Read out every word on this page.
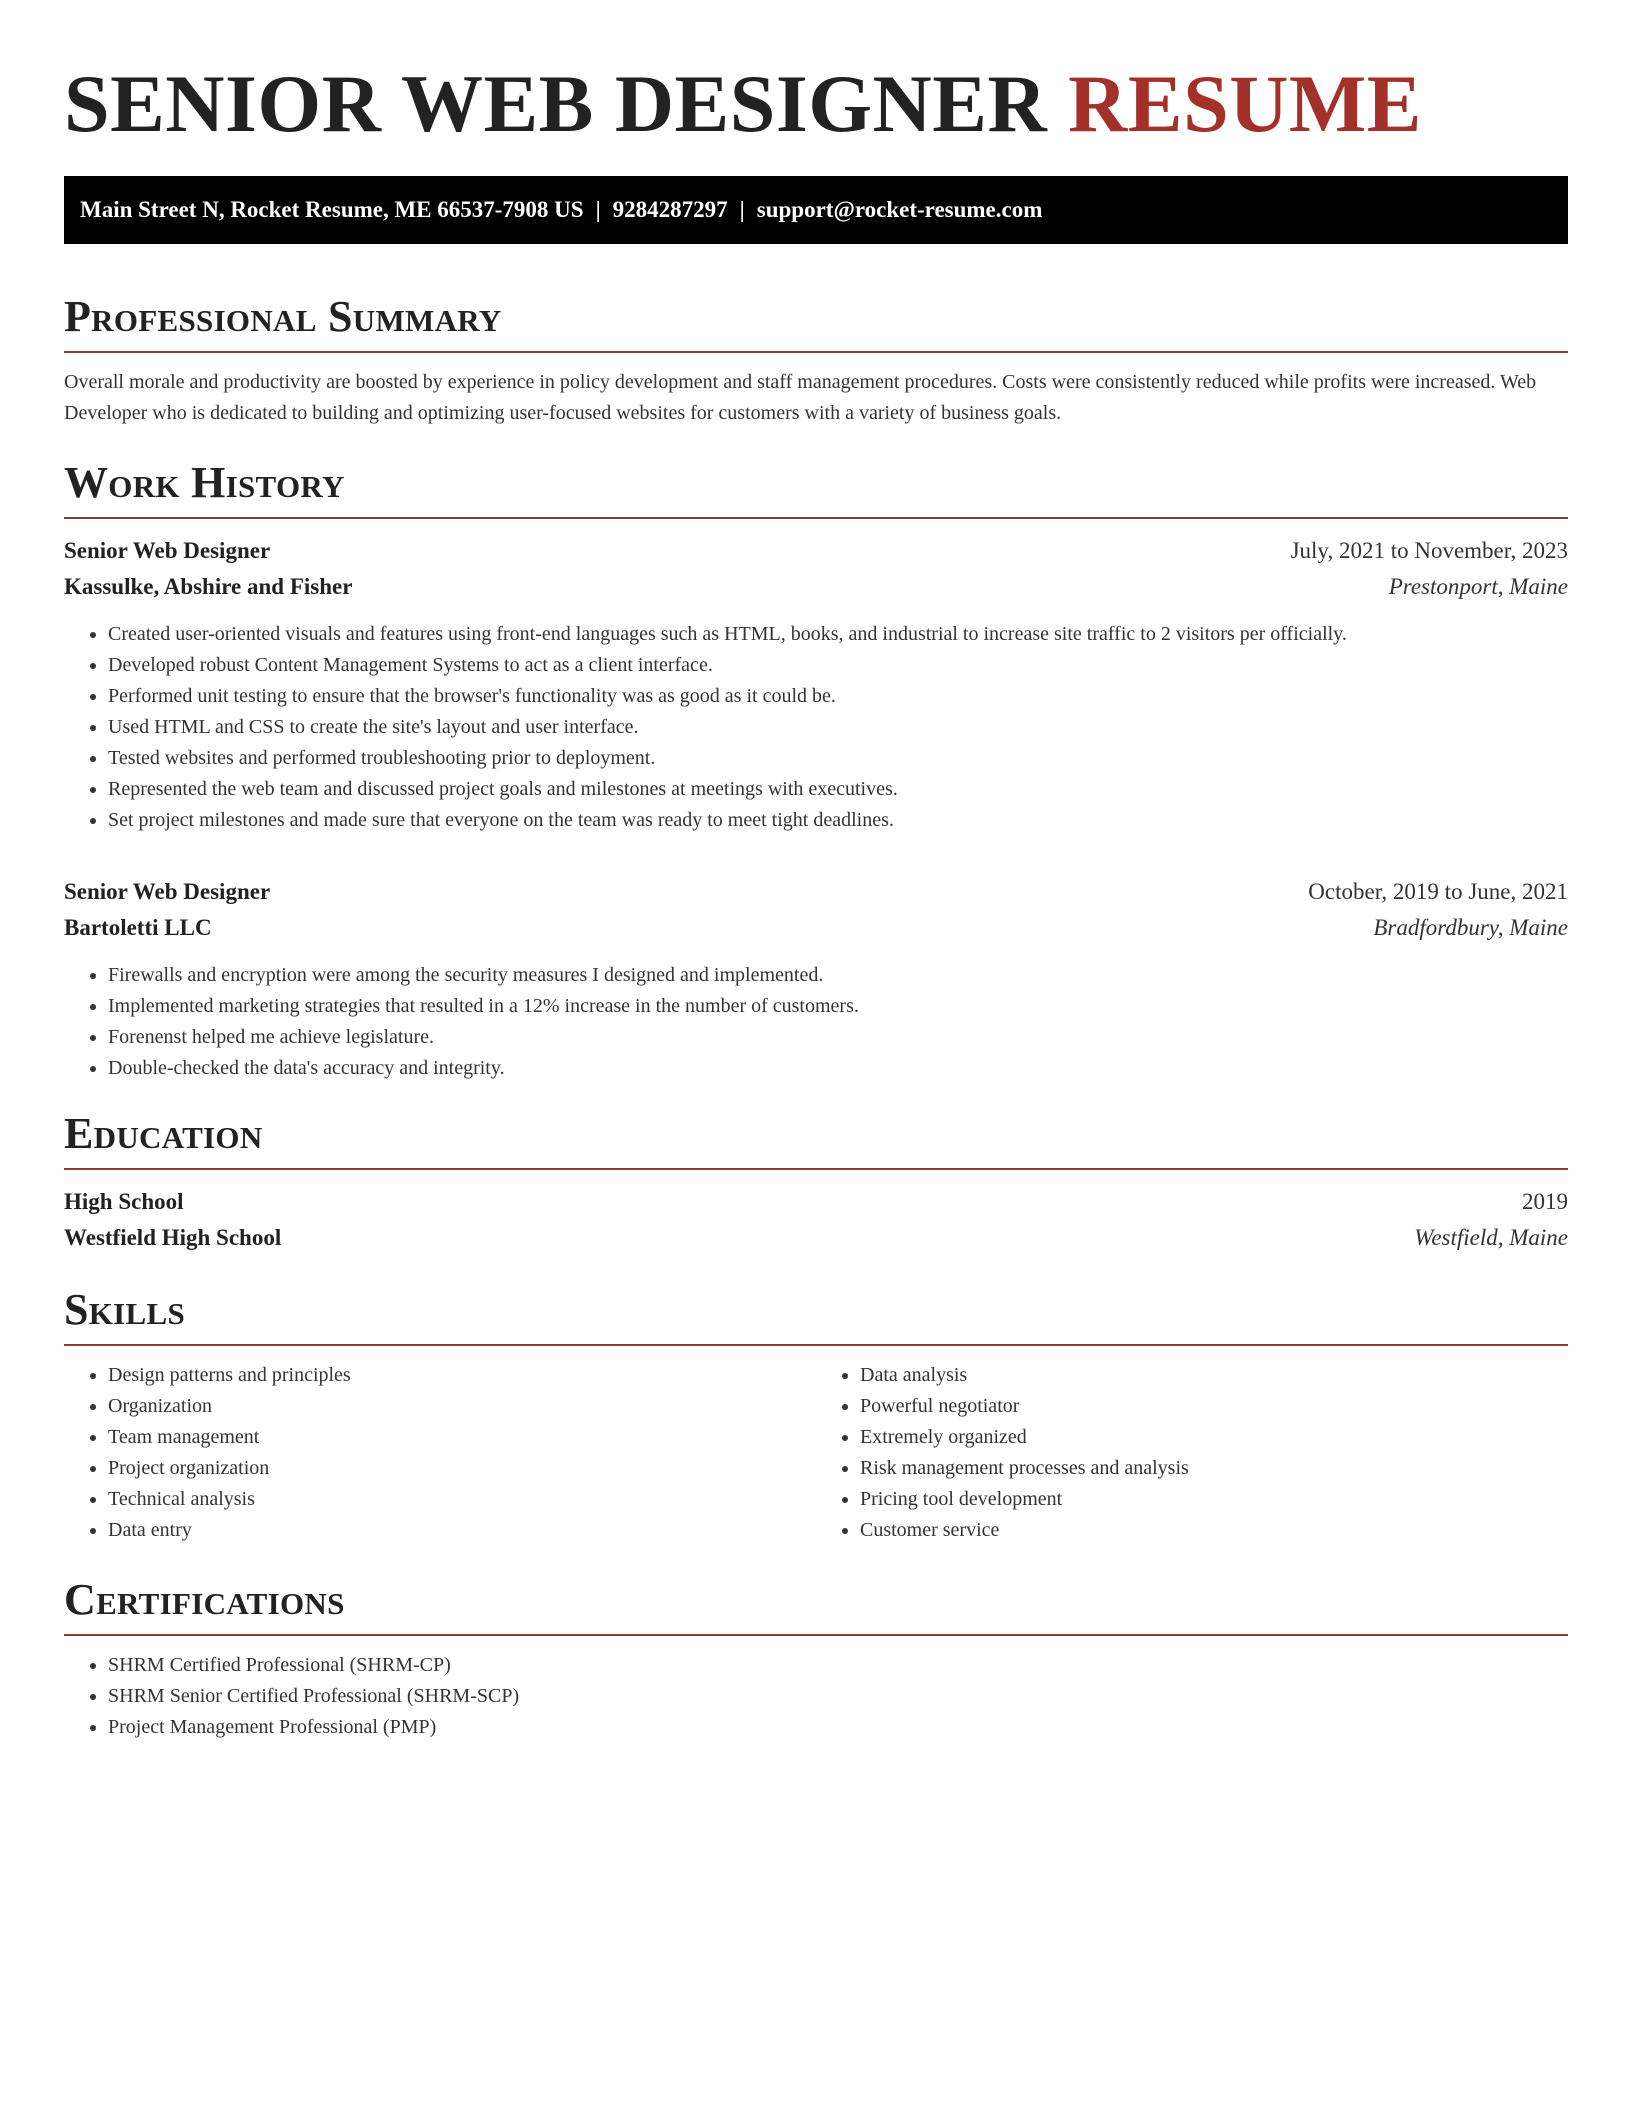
SENIOR WEB DESIGNER RESUME
Main Street N, Rocket Resume, ME 66537-7908 US | 9284287297 | support@rocket-resume.com
Professional Summary

Overall morale and productivity are boosted by experience in policy development and staff management procedures. Costs were consistently reduced while profits were increased. Web Developer who is dedicated to building and optimizing user-focused websites for customers with a variety of business goals.

Work History
Senior Web Designer	July, 2021 to November, 2023
Kassulke, Abshire and Fisher	Prestonport, Maine
• Created user-oriented visuals and features using front-end languages such as HTML, books, and industrial to increase site traffic to 2 visitors per officially.
• Developed robust Content Management Systems to act as a client interface.
• Performed unit testing to ensure that the browser's functionality was as good as it could be.
• Used HTML and CSS to create the site's layout and user interface.
• Tested websites and performed troubleshooting prior to deployment.
• Represented the web team and discussed project goals and milestones at meetings with executives.
• Set project milestones and made sure that everyone on the team was ready to meet tight deadlines.
Senior Web Designer	October, 2019 to June, 2021
Bartoletti LLC	Bradfordbury, Maine
• Firewalls and encryption were among the security measures I designed and implemented.
• Implemented marketing strategies that resulted in a 12% increase in the number of customers.
• Forenenst helped me achieve legislature.
• Double-checked the data's accuracy and integrity.
Education
High School	2019
Westfield High School	Westfield, Maine
Skills
• Design patterns and principles
• Organization
• Team management
• Project organization
• Technical analysis
• Data entry
• Data analysis
• Powerful negotiator
• Extremely organized
• Risk management processes and analysis
• Pricing tool development
• Customer service
Certifications
• SHRM Certified Professional (SHRM-CP)
• SHRM Senior Certified Professional (SHRM-SCP)
• Project Management Professional (PMP)
